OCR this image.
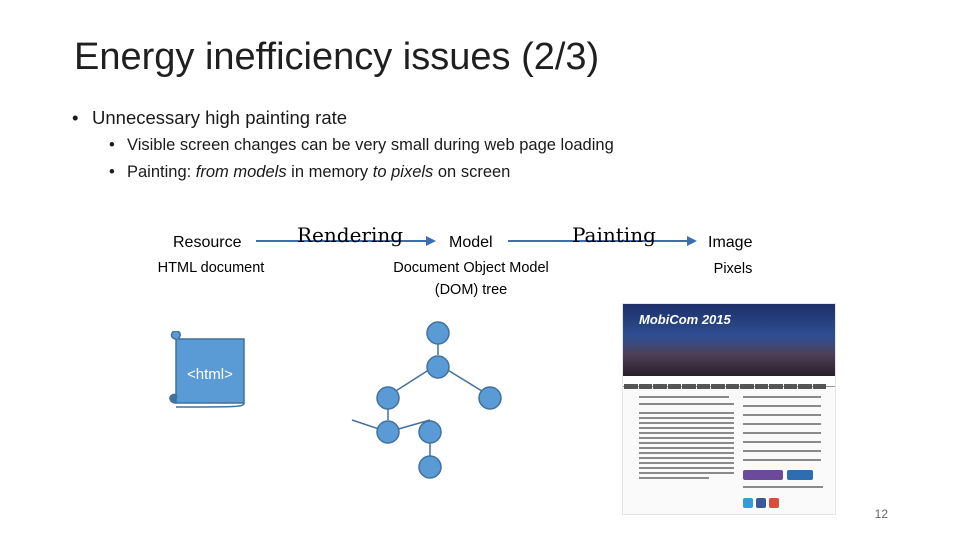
Energy inefficiency issues (2/3)
• Unnecessary high painting rate
• Visible screen changes can be very small during web page loading
• Painting: from models in memory to pixels on screen
Resource
HTML document
Rendering	Model
Document Object Model
(DOM) tree
Painting	Image
Pixels
<html>
MobiCom 2015
12
